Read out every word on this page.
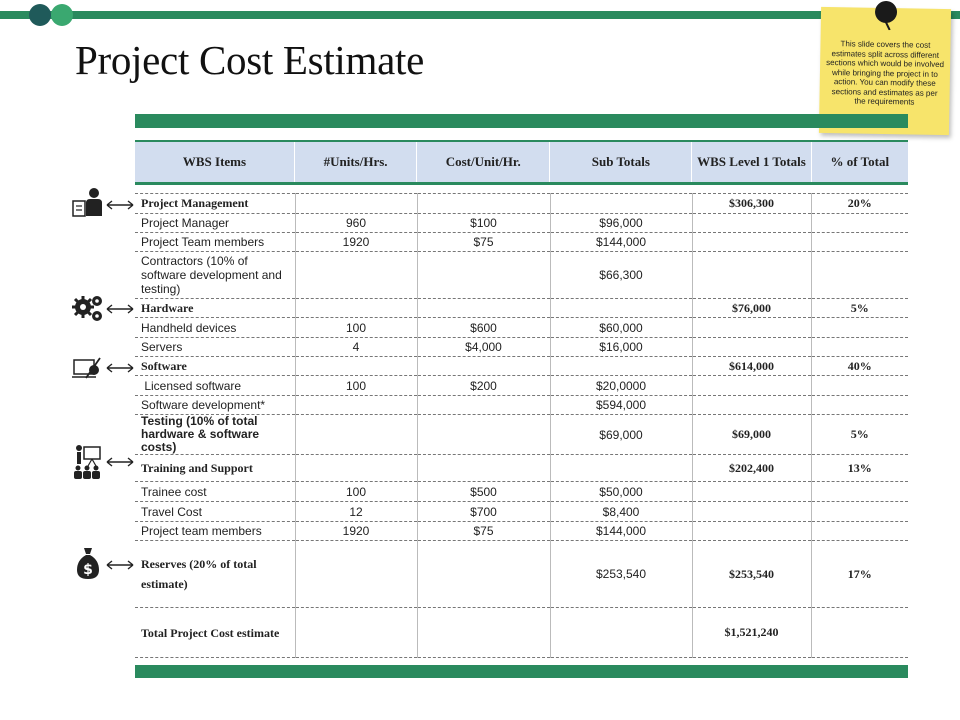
Project Cost Estimate	This slide covers the cost estimates split across different sections which would be involved while bringing the project in to action. You can modify these sections and estimates as per the requirements
WBS Items	#Units/Hrs.	Cost/Unit/Hr.	Sub Totals	WBS Level 1 Totals	% of Total
Project Management				$306,300	20%
Project Manager	960	$100	$96,000		
Project Team members	1920	$75	$144,000		
Contractors (10% of software development and testing)			$66,300		
Hardware				$76,000	5%
Handheld devices	100	$600	$60,000		
Servers	4	$4,000	$16,000		
Software				$614,000	40%
Licensed software	100	$200	$20,0000		
Software development*			$594,000		
Testing (10% of total hardware & software costs)			$69,000	$69,000	5%
Training and Support				$202,400	13%
Trainee cost	100	$500	$50,000		
Travel Cost	12	$700	$8,400		
Project team members	1920	$75	$144,000		
Reserves (20% of total estimate)			$253,540	$253,540	17%
Total Project Cost estimate				$1,521,240	
$
